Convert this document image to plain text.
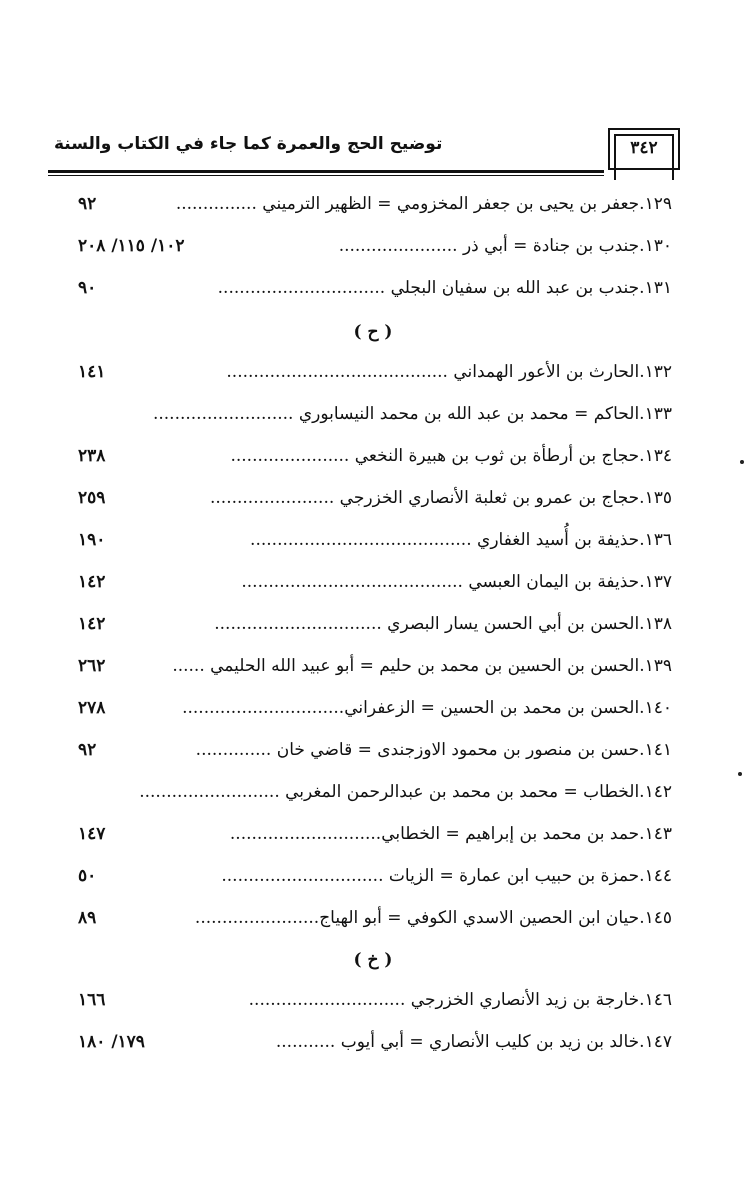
توضيح الحج والعمرة كما جاء في الكتاب والسنة	٣٤٢
١٢٩.جعفر بن يحيى بن جعفر المخزومي = الظهير الترميني ...............
٩٢
١٣٠.جندب بن جنادة = أبي ذر ......................
١٠٢/ ١١٥/ ٢٠٨
١٣١.جندب بن عبد الله بن سفيان البجلي ...............................
٩٠
( ح )
١٣٢.الحارث بن الأعور الهمداني .........................................
١٤١
١٣٣.الحاكم = محمد بن عبد الله بن محمد النيسابوري ..........................
١٣٤.حجاج بن أرطأة بن ثوب بن هبيرة النخعي ......................
٢٣٨
١٣٥.حجاج بن عمرو بن ثعلبة الأنصاري الخزرجي .......................
٢٥٩
١٣٦.حذيفة بن أُسيد الغفاري .........................................
١٩٠
١٣٧.حذيفة بن اليمان العبسي .........................................
١٤٢
١٣٨.الحسن بن أبي الحسن يسار البصري ...............................
١٤٢
١٣٩.الحسن بن الحسين بن محمد بن حليم = أبو عبيد الله الحليمي ......
٢٦٢
١٤٠.الحسن بن محمد بن الحسين = الزعفراني..............................
٢٧٨
١٤١.حسن بن منصور بن محمود الاوزجندى = قاضي خان ..............
٩٢
١٤٢.الخطاب = محمد بن محمد بن عبدالرحمن المغربي ..........................
١٤٣.حمد بن محمد بن إبراهيم = الخطابي............................
١٤٧
١٤٤.حمزة بن حبيب ابن عمارة = الزيات ..............................
٥٠
١٤٥.حيان ابن الحصين الاسدي الكوفي = أبو الهياج.......................
٨٩
( خ )
١٤٦.خارجة بن زيد الأنصاري الخزرجي .............................
١٦٦
١٤٧.خالد بن زيد بن كليب الأنصاري = أبي أيوب ...........
١٧٩/ ١٨٠
